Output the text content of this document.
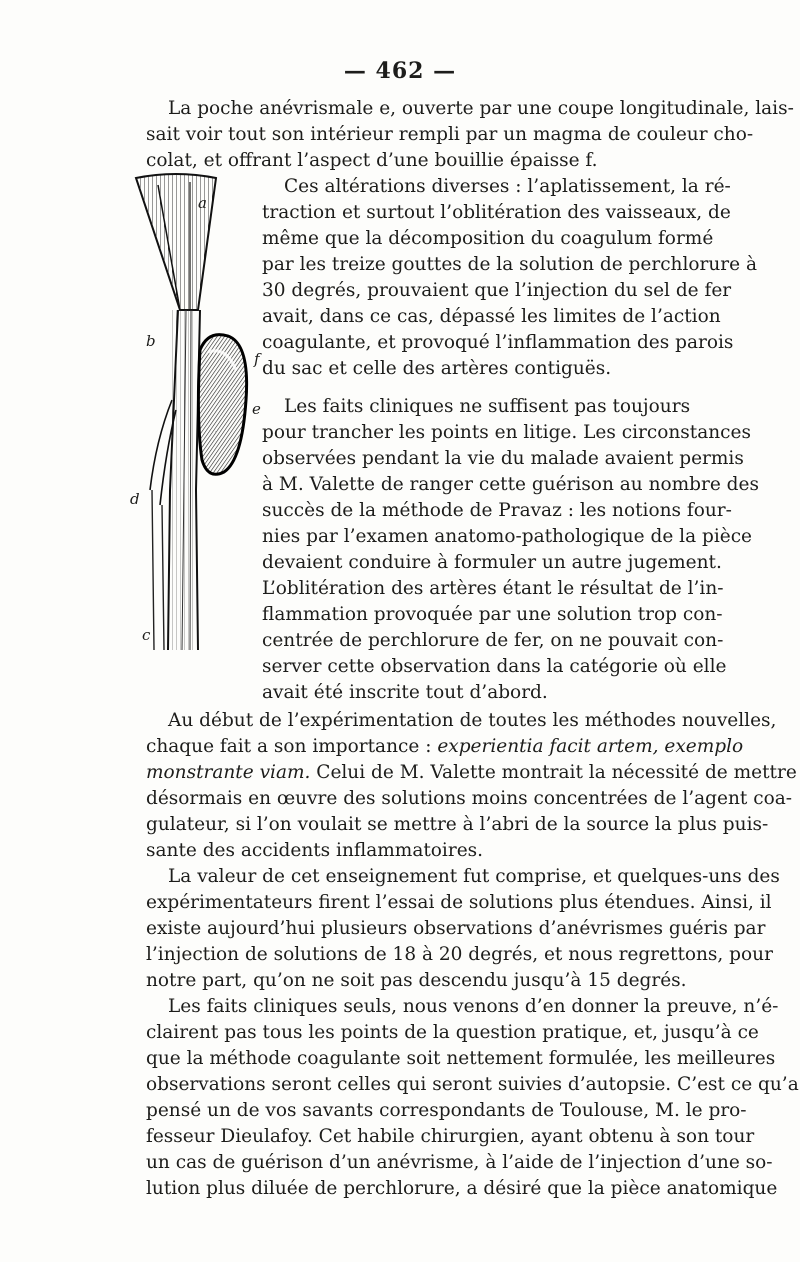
— 462 —
a
b
f
e
d
c
La poche anévrismale e, ouverte par une coupe longitudinale, lais-
sait voir tout son intérieur rempli par un magma de couleur cho-
colat, et offrant l’aspect d’une bouillie épaisse f.
Ces altérations diverses : l’aplatissement, la ré-
traction et surtout l’oblitération des vaisseaux, de
même que la décomposition du coagulum formé
par les treize gouttes de la solution de perchlorure à
30 degrés, prouvaient que l’injection du sel de fer
avait, dans ce cas, dépassé les limites de l’action
coagulante, et provoqué l’inflammation des parois
du sac et celle des artères contiguës.
Les faits cliniques ne suffisent pas toujours
pour trancher les points en litige. Les circonstances
observées pendant la vie du malade avaient permis
à M. Valette de ranger cette guérison au nombre des
succès de la méthode de Pravaz : les notions four-
nies par l’examen anatomo-pathologique de la pièce
devaient conduire à formuler un autre jugement.
L’oblitération des artères étant le résultat de l’in-
flammation provoquée par une solution trop con-
centrée de perchlorure de fer, on ne pouvait con-
server cette observation dans la catégorie où elle
avait été inscrite tout d’abord.
Au début de l’expérimentation de toutes les méthodes nouvelles,
chaque fait a son importance : experientia facit artem, exemplo
monstrante viam. Celui de M. Valette montrait la nécessité de mettre
désormais en œuvre des solutions moins concentrées de l’agent coa-
gulateur, si l’on voulait se mettre à l’abri de la source la plus puis-
sante des accidents inflammatoires.
La valeur de cet enseignement fut comprise, et quelques-uns des
expérimentateurs firent l’essai de solutions plus étendues. Ainsi, il
existe aujourd’hui plusieurs observations d’anévrismes guéris par
l’injection de solutions de 18 à 20 degrés, et nous regrettons, pour
notre part, qu’on ne soit pas descendu jusqu’à 15 degrés.
Les faits cliniques seuls, nous venons d’en donner la preuve, n’é-
clairent pas tous les points de la question pratique, et, jusqu’à ce
que la méthode coagulante soit nettement formulée, les meilleures
observations seront celles qui seront suivies d’autopsie. C’est ce qu’a
pensé un de vos savants correspondants de Toulouse, M. le pro-
fesseur Dieulafoy. Cet habile chirurgien, ayant obtenu à son tour
un cas de guérison d’un anévrisme, à l’aide de l’injection d’une so-
lution plus diluée de perchlorure, a désiré que la pièce anatomique
